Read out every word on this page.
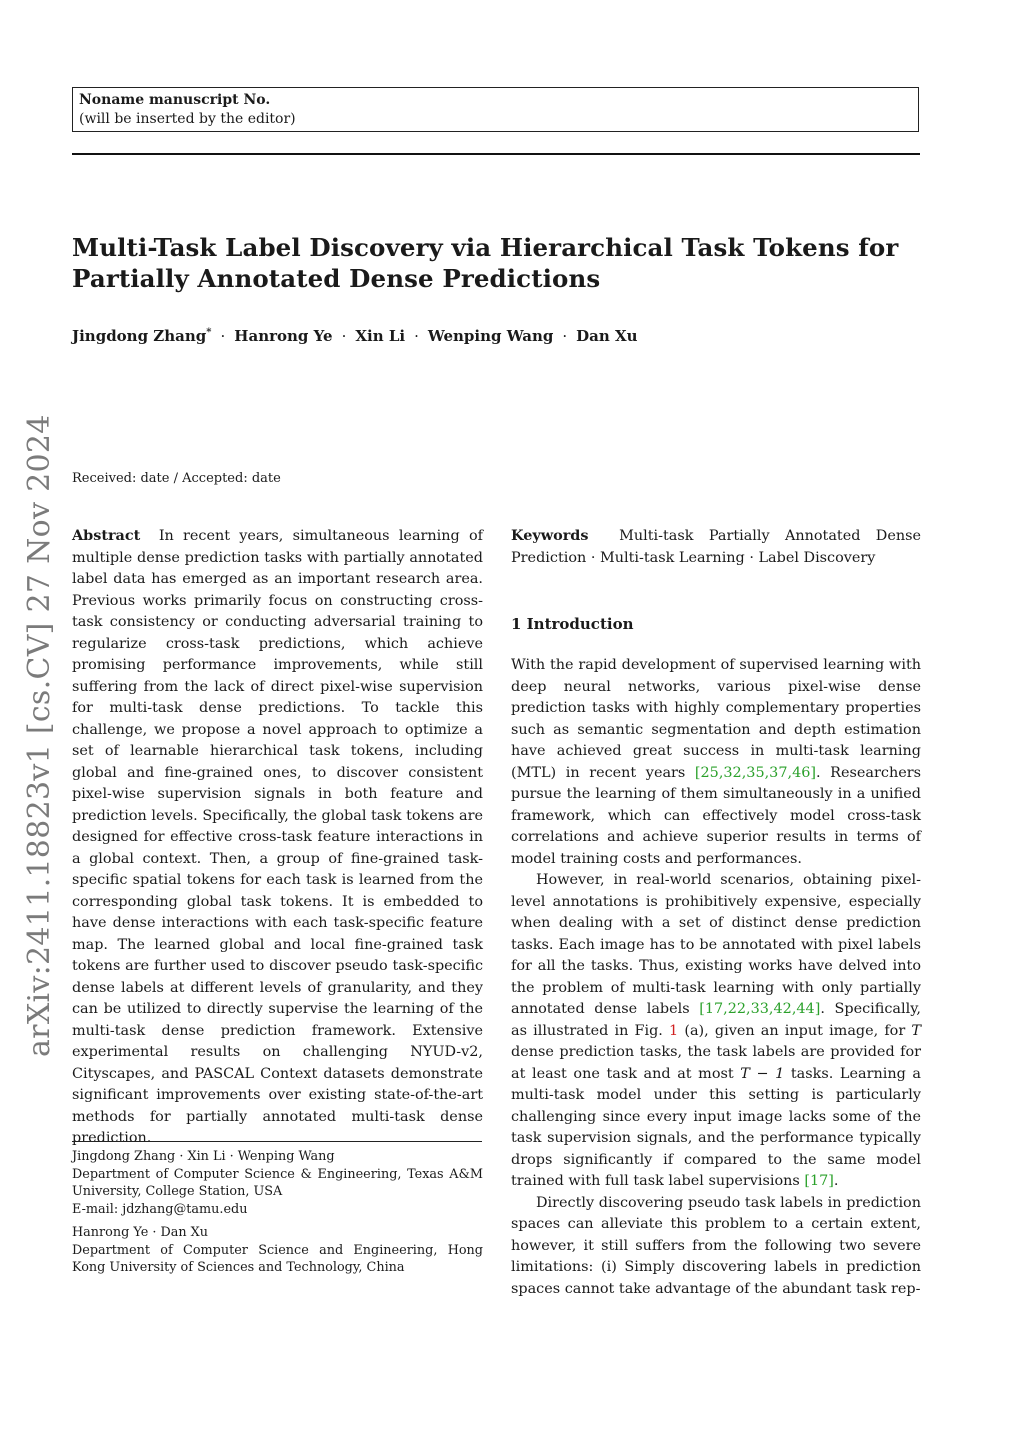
Noname manuscript No.
(will be inserted by the editor)
Multi-Task Label Discovery via Hierarchical Task Tokens for
Partially Annotated Dense Predictions
Jingdong Zhang* · Hanrong Ye · Xin Li · Wenping Wang · Dan Xu
arXiv:2411.18823v1 [cs.CV] 27 Nov 2024 Received: date / Accepted: date

Abstract In recent years, simultaneous learning of multiple dense prediction tasks with partially annotated label data has emerged as an important research area. Previous works primarily focus on constructing cross-task consistency or conducting adversarial training to regularize cross-task predictions, which achieve promising performance improvements, while still suffering from the lack of direct pixel-wise supervision for multi-task dense predictions. To tackle this challenge, we propose a novel approach to optimize a set of learnable hierarchical task tokens, including global and fine-grained ones, to discover consistent pixel-wise supervision signals in both feature and prediction levels. Specifically, the global task tokens are designed for effective cross-task feature interactions in a global context. Then, a group of fine-grained task-specific spatial tokens for each task is learned from the corresponding global task tokens. It is embedded to have dense interactions with each task-specific feature map. The learned global and local fine-grained task tokens are further used to discover pseudo task-specific dense labels at different levels of granularity, and they can be utilized to directly supervise the learning of the multi-task dense prediction framework. Extensive experimental results on challenging NYUD-v2, Cityscapes, and PASCAL Context datasets demonstrate significant improvements over existing state-of-the-art methods for partially annotated multi-task dense prediction.

Jingdong Zhang · Xin Li · Wenping Wang

Department of Computer Science & Engineering, Texas A&M University, College Station, USA

E-mail: jdzhang@tamu.edu

Hanrong Ye · Dan Xu

Department of Computer Science and Engineering, Hong Kong University of Sciences and Technology, China

Keywords Multi-task Partially Annotated Dense Prediction · Multi-task Learning · Label Discovery

1 Introduction

With the rapid development of supervised learning with deep neural networks, various pixel-wise dense prediction tasks with highly complementary properties such as semantic segmentation and depth estimation have achieved great success in multi-task learning (MTL) in recent years [25,32,35,37,46]. Researchers pursue the learning of them simultaneously in a unified framework, which can effectively model cross-task correlations and achieve superior results in terms of model training costs and performances.

However, in real-world scenarios, obtaining pixel-level annotations is prohibitively expensive, especially when dealing with a set of distinct dense prediction tasks. Each image has to be annotated with pixel labels for all the tasks. Thus, existing works have delved into the problem of multi-task learning with only partially annotated dense labels [17,22,33,42,44]. Specifically, as illustrated in Fig. 1 (a), given an input image, for T dense prediction tasks, the task labels are provided for at least one task and at most T − 1 tasks. Learning a multi-task model under this setting is particularly challenging since every input image lacks some of the task supervision signals, and the performance typically drops significantly if compared to the same model trained with full task label supervisions [17].

Directly discovering pseudo task labels in prediction spaces can alleviate this problem to a certain extent, however, it still suffers from the following two severe limitations: (i) Simply discovering labels in prediction spaces cannot take advantage of the abundant task rep-
